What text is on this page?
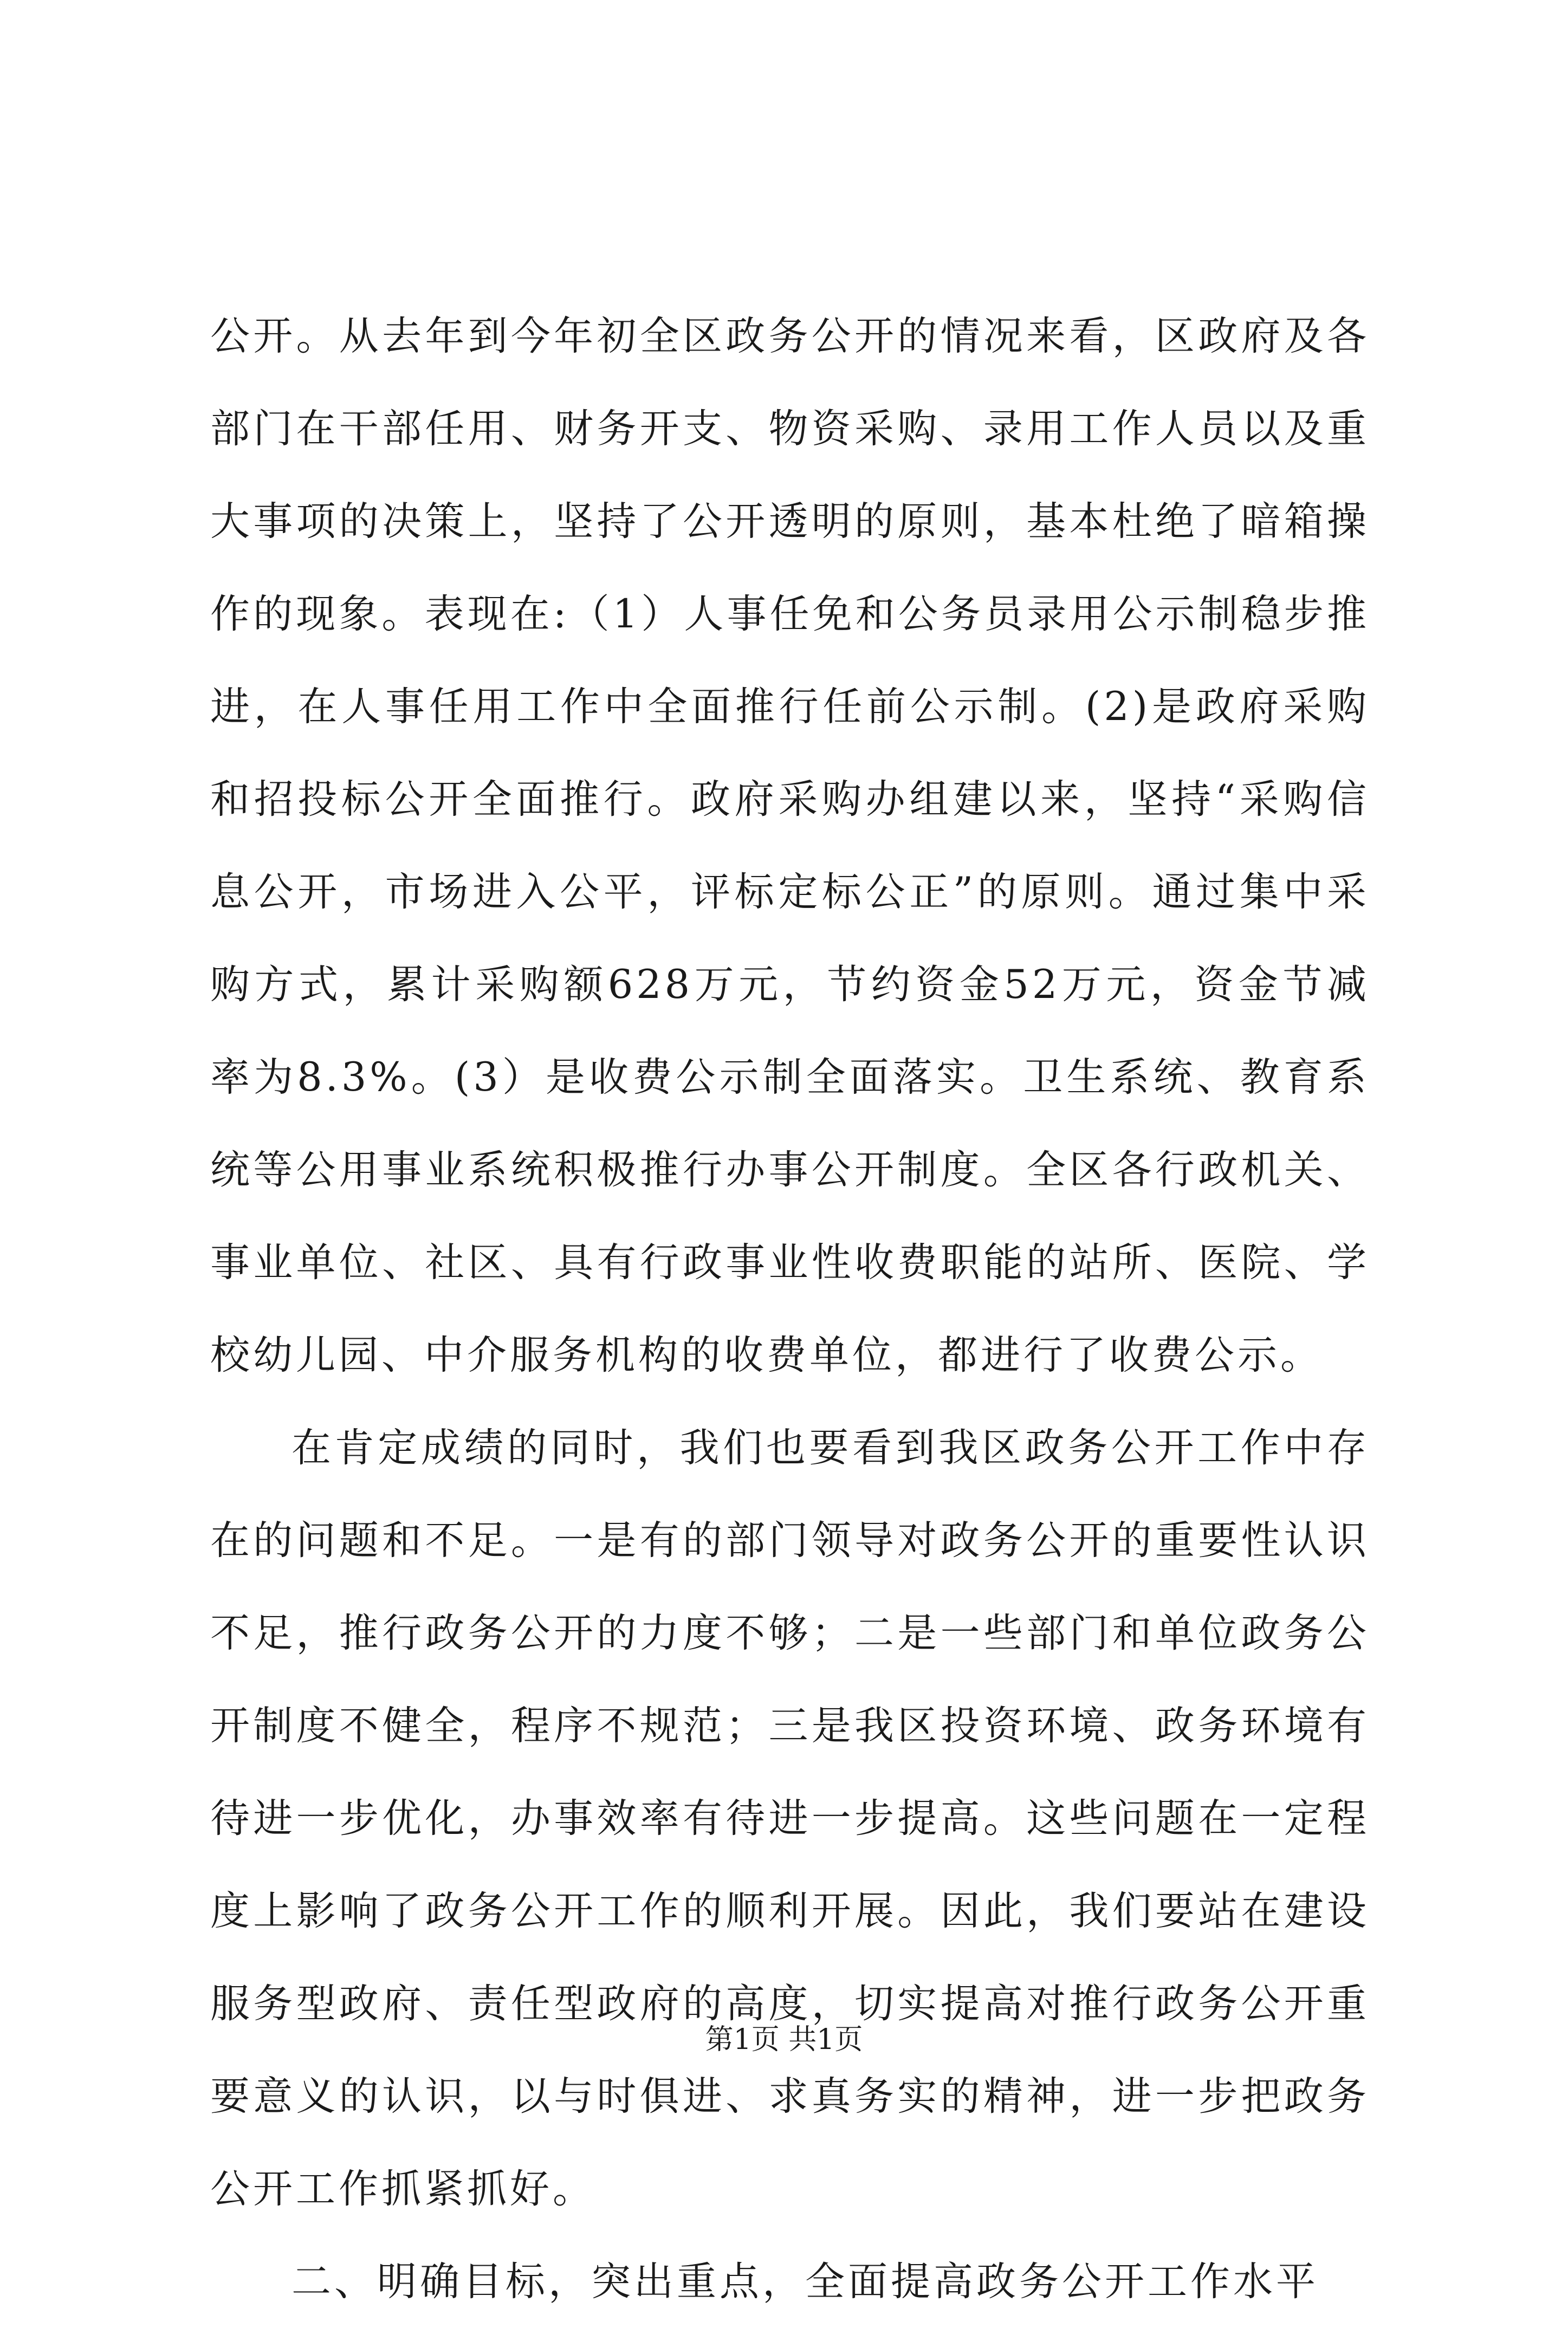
公开。从去年到今年初全区政务公开的情况来看，区政府及各部门在干部任用、财务开支、物资采购、录用工作人员以及重大事项的决策上，坚持了公开透明的原则，基本杜绝了暗箱操作的现象。表现在:（1）人事任免和公务员录用公示制稳步推进，在人事任用工作中全面推行任前公示制。(2)是政府采购和招投标公开全面推行。政府采购办组建以来，坚持“采购信息公开，市场进入公平，评标定标公正”的原则。通过集中采购方式，累计采购额628万元，节约资金52万元，资金节减率为8.3%。(3）是收费公示制全面落实。卫生系统、教育系统等公用事业系统积极推行办事公开制度。全区各行政机关、事业单位、社区、具有行政事业性收费职能的站所、医院、学校幼儿园、中介服务机构的收费单位，都进行了收费公示。

在肯定成绩的同时，我们也要看到我区政务公开工作中存在的问题和不足。一是有的部门领导对政务公开的重要性认识不足，推行政务公开的力度不够；二是一些部门和单位政务公开制度不健全，程序不规范；三是我区投资环境、政务环境有待进一步优化，办事效率有待进一步提高。这些问题在一定程度上影响了政务公开工作的顺利开展。因此，我们要站在建设服务型政府、责任型政府的高度，切实提高对推行政务公开重要意义的认识，以与时俱进、求真务实的精神，进一步把政务公开工作抓紧抓好。

二、明确目标，突出重点，全面提高政务公开工作水平

第1页 共1页
